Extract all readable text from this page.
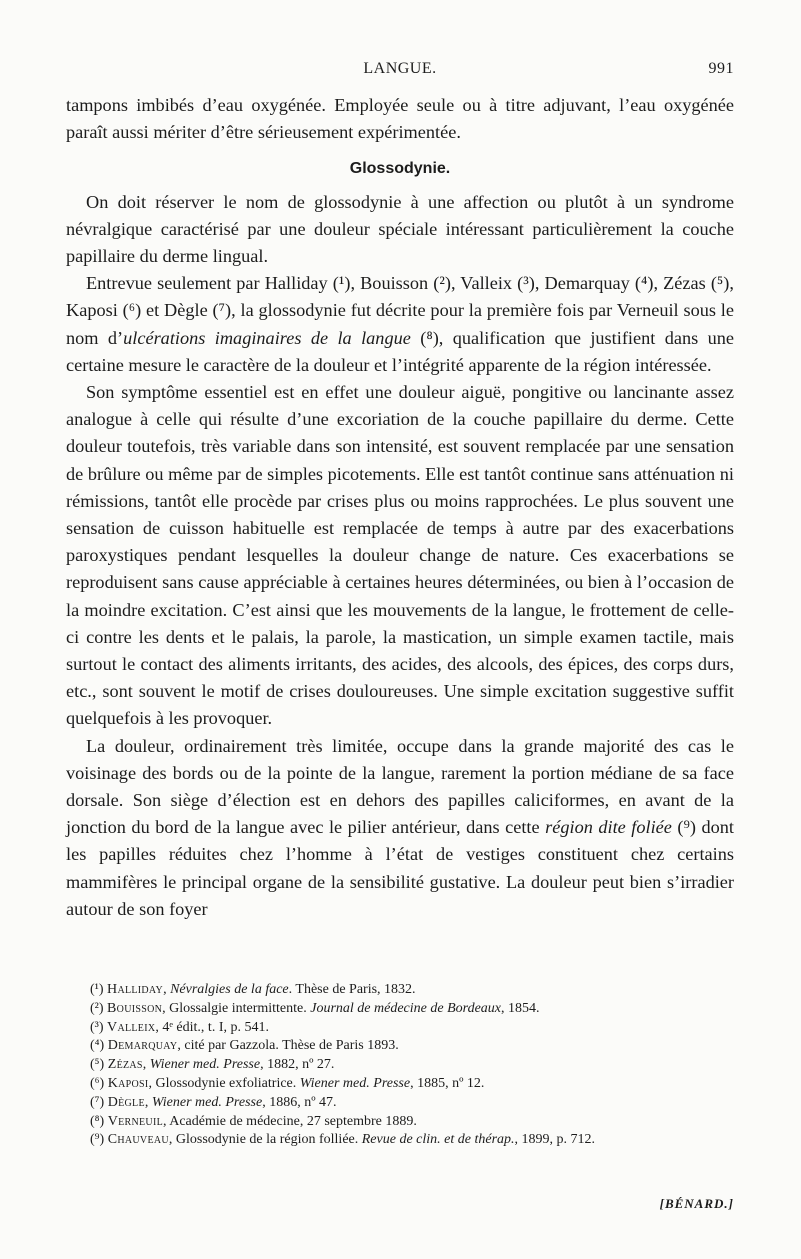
LANGUE.	991

tampons imbibés d’eau oxygénée. Employée seule ou à titre adjuvant, l’eau oxygénée paraît aussi mériter d’être sérieusement expérimentée.

Glossodynie.

On doit réserver le nom de glossodynie à une affection ou plutôt à un syndrome névralgique caractérisé par une douleur spéciale intéressant particulièrement la couche papillaire du derme lingual.

Entrevue seulement par Halliday (¹), Bouisson (²), Valleix (³), Demarquay (⁴), Zézas (⁵), Kaposi (⁶) et Dègle (⁷), la glossodynie fut décrite pour la première fois par Verneuil sous le nom d’ulcérations imaginaires de la langue (⁸), qualification que justifient dans une certaine mesure le caractère de la douleur et l’intégrité apparente de la région intéressée.

Son symptôme essentiel est en effet une douleur aiguë, pongitive ou lancinante assez analogue à celle qui résulte d’une excoriation de la couche papillaire du derme. Cette douleur toutefois, très variable dans son intensité, est souvent remplacée par une sensation de brûlure ou même par de simples picotements. Elle est tantôt continue sans atténuation ni rémissions, tantôt elle procède par crises plus ou moins rapprochées. Le plus souvent une sensation de cuisson habituelle est remplacée de temps à autre par des exacerbations paroxystiques pendant lesquelles la douleur change de nature. Ces exacerbations se reproduisent sans cause appréciable à certaines heures déterminées, ou bien à l’occasion de la moindre excitation. C’est ainsi que les mouvements de la langue, le frottement de celle-ci contre les dents et le palais, la parole, la mastication, un simple examen tactile, mais surtout le contact des aliments irritants, des acides, des alcools, des épices, des corps durs, etc., sont souvent le motif de crises douloureuses. Une simple excitation suggestive suffit quelquefois à les provoquer.

La douleur, ordinairement très limitée, occupe dans la grande majorité des cas le voisinage des bords ou de la pointe de la langue, rarement la portion médiane de sa face dorsale. Son siège d’élection est en dehors des papilles caliciformes, en avant de la jonction du bord de la langue avec le pilier antérieur, dans cette région dite foliée (⁹) dont les papilles réduites chez l’homme à l’état de vestiges constituent chez certains mammifères le principal organe de la sensibilité gustative. La douleur peut bien s’irradier autour de son foyer

(¹) Halliday, Névralgies de la face. Thèse de Paris, 1832.
(²) Bouisson, Glossalgie intermittente. Journal de médecine de Bordeaux, 1854.
(³) Valleix, 4ᵉ édit., t. I, p. 541.
(⁴) Demarquay, cité par Gazzola. Thèse de Paris 1893.
(⁵) Zézas, Wiener med. Presse, 1882, nº 27.
(⁶) Kaposi, Glossodynie exfoliatrice. Wiener med. Presse, 1885, nº 12.
(⁷) Dègle, Wiener med. Presse, 1886, nº 47.
(⁸) Verneuil, Académie de médecine, 27 septembre 1889.
(⁹) Chauveau, Glossodynie de la région folliée. Revue de clin. et de thérap., 1899, p. 712.
[BÉNARD.]
